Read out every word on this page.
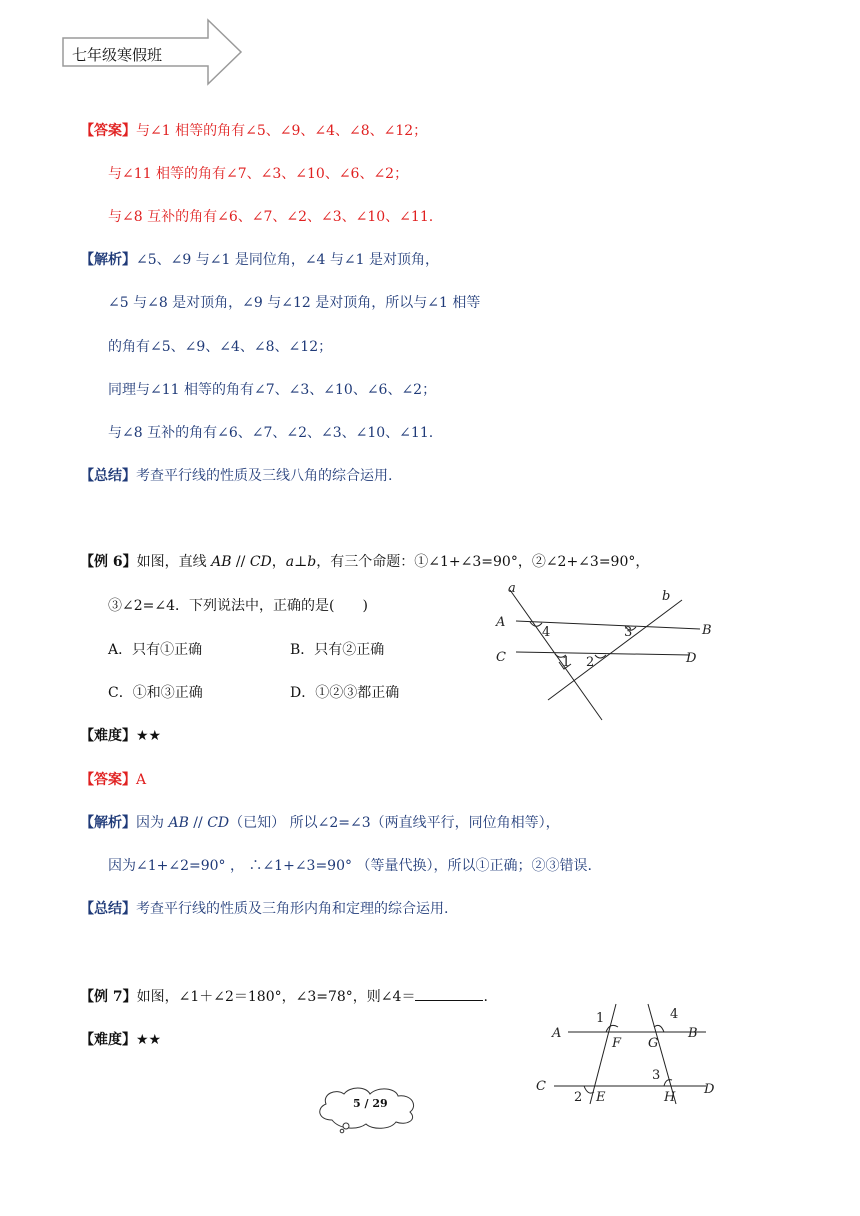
七年级寒假班
【答案】与∠1 相等的角有∠5、∠9、∠4、∠8、∠12；
与∠11 相等的角有∠7、∠3、∠10、∠6、∠2；
与∠8 互补的角有∠6、∠7、∠2、∠3、∠10、∠11.
【解析】∠5、∠9 与∠1 是同位角，∠4 与∠1 是对顶角，
∠5 与∠8 是对顶角，∠9 与∠12 是对顶角，所以与∠1 相等
的角有∠5、∠9、∠4、∠8、∠12；
同理与∠11 相等的角有∠7、∠3、∠10、∠6、∠2；
与∠8 互补的角有∠6、∠7、∠2、∠3、∠10、∠11.
【总结】考查平行线的性质及三线八角的综合运用.
【例 6】如图，直线 AB // CD，a⊥b，有三个命题：①∠1+∠3=90°，②∠2+∠3=90°，
③∠2=∠4．下列说法中，正确的是(　　)
A．只有①正确	B．只有②正确
C．①和③正确	D．①②③都正确
a
b
A
B
C	D
4	3
1 2
【难度】★★
【答案】A
【解析】因为 AB // CD（已知） 所以∠2=∠3（两直线平行，同位角相等），
因为∠1+∠2=90° ， ∴∠1+∠3=90° （等量代换），所以①正确；②③错误.
【总结】考查平行线的性质及三角形内角和定理的综合运用.
【例 7】如图，∠1＋∠2＝180°，∠3=78°，则∠4＝	.
【难度】★★
1	4
A	B
F G
3
C	D
2 E	H
5 / 29
